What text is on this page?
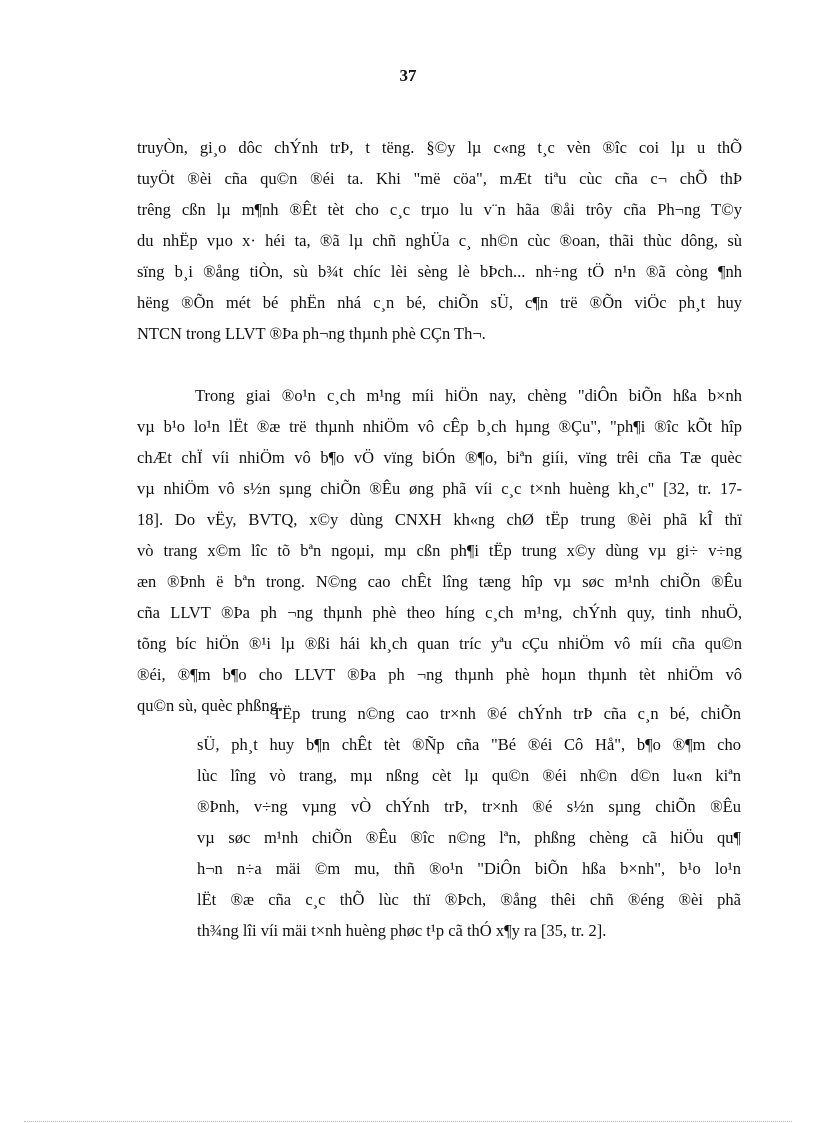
37
truyÒn, gi¸o dôc chÝnh trÞ, t tëng. §©y lµ c«ng t¸c vèn ®îc coi lµ u thÕ
tuyÖt ®èi cña qu©n ®éi ta. Khi "më cöa", mÆt tiªu cùc cña c¬ chÕ thÞ
trêng cßn lµ m¶nh ®Êt tèt cho c¸c trµo lu v¨n hãa ®åi trôy cña Ph¬ng T©y
du nhËp vµo x· héi ta, ®ã lµ chñ nghÜa c¸ nh©n cùc ®oan, thãi thùc dông, sù
sïng b¸i ®ång tiÒn, sù b¾t chíc lèi sèng lè bÞch... nh÷ng tÖ n¹n ®ã còng ¶nh
hëng ®Õn mét bé phËn nhá c¸n bé, chiÕn sÜ, c¶n trë ®Õn viÖc ph¸t huy
NTCN trong LLVT ®Þa ph¬ng thµnh phè CÇn Th¬.
Trong giai ®o¹n c¸ch m¹ng míi hiÖn nay, chèng "diÔn biÕn hßa b×nh
vµ b¹o lo¹n lËt ®æ trë thµnh nhiÖm vô cÊp b¸ch hµng ®Çu", "ph¶i ®îc kÕt hîp
chÆt chÏ víi nhiÖm vô b¶o vÖ vïng biÓn ®¶o, biªn giíi, vïng trêi cña Tæ quèc
vµ nhiÖm vô s½n sµng chiÕn ®Êu øng phã víi c¸c t×nh huèng kh¸c" [32, tr. 17-
18]. Do vËy, BVTQ, x©y dùng CNXH kh«ng chØ tËp trung ®èi phã kÎ thï
vò trang x©m lîc tõ bªn ngoµi, mµ cßn ph¶i tËp trung x©y dùng vµ gi÷ v÷ng
æn ®Þnh ë bªn trong. N©ng cao chÊt lîng tæng hîp vµ søc m¹nh chiÕn ®Êu
cña LLVT ®Þa ph ¬ng thµnh phè theo híng c¸ch m¹ng, chÝnh quy, tinh nhuÖ,
tõng bíc hiÖn ®¹i lµ ®ßi hái kh¸ch quan tríc yªu cÇu nhiÖm vô míi cña qu©n
®éi, ®¶m b¶o cho LLVT ®Þa ph ¬ng thµnh phè hoµn thµnh tèt nhiÖm vô
qu©n sù, quèc phßng.
TËp trung n©ng cao tr×nh ®é chÝnh trÞ cña c¸n bé, chiÕn
sÜ, ph¸t huy b¶n chÊt tèt ®Ñp cña "Bé ®éi Cô Hå", b¶o ®¶m cho
lùc lîng vò trang, mµ nßng cèt lµ qu©n ®éi nh©n d©n lu«n kiªn
®Þnh, v÷ng vµng vÒ chÝnh trÞ, tr×nh ®é s½n sµng chiÕn ®Êu
vµ søc m¹nh chiÕn ®Êu ®îc n©ng lªn, phßng chèng cã hiÖu qu¶
h¬n n÷a mäi ©m mu, thñ ®o¹n "DiÔn biÕn hßa b×nh", b¹o lo¹n
lËt ®æ cña c¸c thÕ lùc thï ®Þch, ®ång thêi chñ ®éng ®èi phã
th¾ng lîi víi mäi t×nh huèng phøc t¹p cã thÓ x¶y ra [35, tr. 2].
